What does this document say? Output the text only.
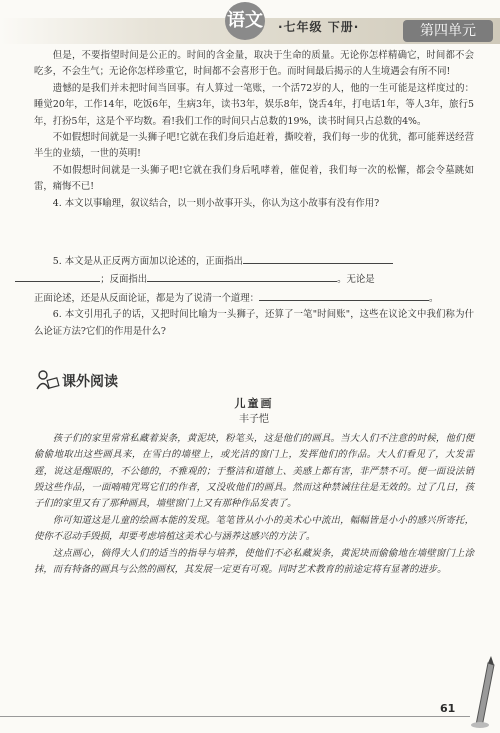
语文 ·七年级 下册·	第四单元

但是，不要指望时间是公正的。时间的含金量，取决于生命的质量。无论你怎样精确它，时间都不会吃多，不会生气；无论你怎样珍重它，时间都不会喜形于色。而时间最后揭示的人生境遇会有所不同!

遗憾的是我们并未把时间当回事。有人算过一笔账，一个活72岁的人，他的一生可能是这样度过的：睡觉20年，工作14年，吃饭6年，生病3年，读书3年，娱乐8年，饶舌4年，打电话1年，等人3年，旅行5年，打扮5年，这是个平均数。看!我们工作的时间只占总数的19%，读书时间只占总数的4%。

不如假想时间就是一头狮子吧!它就在我们身后追赶着，撕咬着，我们每一步的优犹，都可能葬送经营半生的业绩，一世的英明!

不如假想时间就是一头狮子吧!它就在我们身后吼哮着，催促着，我们每一次的松懈，都会令墓跳如雷，痛悔不已!

4. 本文以事喻理，叙议结合，以一则小故事开头，你认为这小故事有没有作用?

5. 本文是从正反两方面加以论述的，正面指出
；反面指出	。无论是

正面论述，还是从反面论证，都是为了说清一个道理：	。

6. 本文引用孔子的话，又把时间比喻为一头狮子，还算了一笔"时间账"，这些在议论文中我们称为什么论证方法?它们的作用是什么?

课外阅读

儿童画

丰子恺

孩子们的家里常常私藏着炭条，黄泥块，粉笔头，这是他们的画具。当大人们不注意的时候，他们便偷偷地取出这些画具来，在雪白的墙壁上，或光洁的窗门上，发挥他们的作品。大人们看见了，大发雷霆，说这是醒眼的，不公德的，不雅观的；于整洁和道德上、美感上都有害，非严禁不可。便一面设法销毁这些作品，一面喃喃咒骂它们的作者，又没收他们的画具。然而这种禁诫往往是无效的。过了几日，孩子们的家里又有了那种画具，墙壁窗门上又有那种作品发表了。

你可知道这是儿童的绘画本能的发现。笔笔皆从小小的美术心中流出，幅幅皆是小小的感兴所寄托，使你不忍动手毁损，却要考虑培植这美术心与涵养这感兴的方法了。

这点画心，倘得大人们的适当的指导与培养，使他们不必私藏炭条，黄泥块而偷偷地在墙壁窗门上涂抹，而有特备的画具与公然的画权，其发展一定更有可观。同时艺术教育的前途定将有显著的进步。

61
